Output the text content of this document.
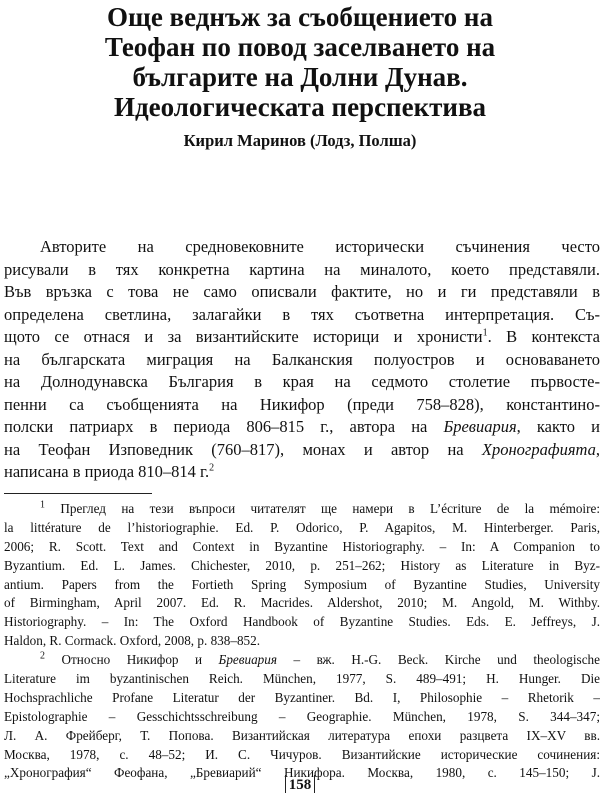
Още веднъж за съобщението на
Теофан по повод заселването на
българите на Долни Дунав.
Идеологическата перспектива
Кирил Маринов (Лодз, Полша)
Авторите на средновековните исторически съчинения често
рисували в тях конкретна картина на миналото, което представяли.
Във връзка с това не само описвали фактите, но и ги представяли в
определена светлина, залагайки в тях съответна интерпретация. Съ-
щото се отнася и за византийските историци и хронисти$^1$. В контекста
на българската миграция на Балканския полуостров и основаването
на Долнодунавска България в края на седмото столетие първосте-
пенни са съобщенията на Никифор (преди 758–828), константино-
полски патриарх в периода 806–815 г., автора на Бревиария, както и
на Теофан Изповедник (760–817), монах и автор на Хронографията,
написана в приода 810–814 г.$^2$
$^1$ Преглед на тези въпроси читателят ще намери в L’écriture de la mémoire:
la littérature de l’historiographie. Ed. P. Odorico, P. Agapitos, M. Hinterberger. Paris,
2006; R. Scott. Text and Context in Byzantine Historiography. – In: A Companion to
Byzantium. Ed. L. James. Chichester, 2010, p. 251–262; History as Literature in Byz-
antium. Papers from the Fortieth Spring Symposium of Byzantine Studies, University
of Birmingham, April 2007. Ed. R. Macrides. Aldershot, 2010; M. Angold, M. Withby.
Historiography. – In: The Oxford Handbook of Byzantine Studies. Eds. E. Jeffreys, J.
Haldon, R. Cormack. Oxford, 2008, p. 838–852.
$^2$ Относно Никифор и Бревиария – вж. H.-G. Beck. Kirche und theologische
Literature im byzantinischen Reich. München, 1977, S. 489–491; H. Hunger. Die
Hochsprachliche Profane Literatur der Byzantiner. Bd. I, Philosophie – Rhetorik –
Epistolographie – Gesschichtsschreibung – Geographie. München, 1978, S. 344–347;
Л. А. Фрейберг, Т. Попова. Византийская литература епохи разцвета IX–XV вв.
Москва, 1978, с. 48–52; И. С. Чичуров. Византийские исторические сочинения:
„Хронография“ Феофана, „Бревиарий“ Никифора. Москва, 1980, с. 145–150; J.
158
